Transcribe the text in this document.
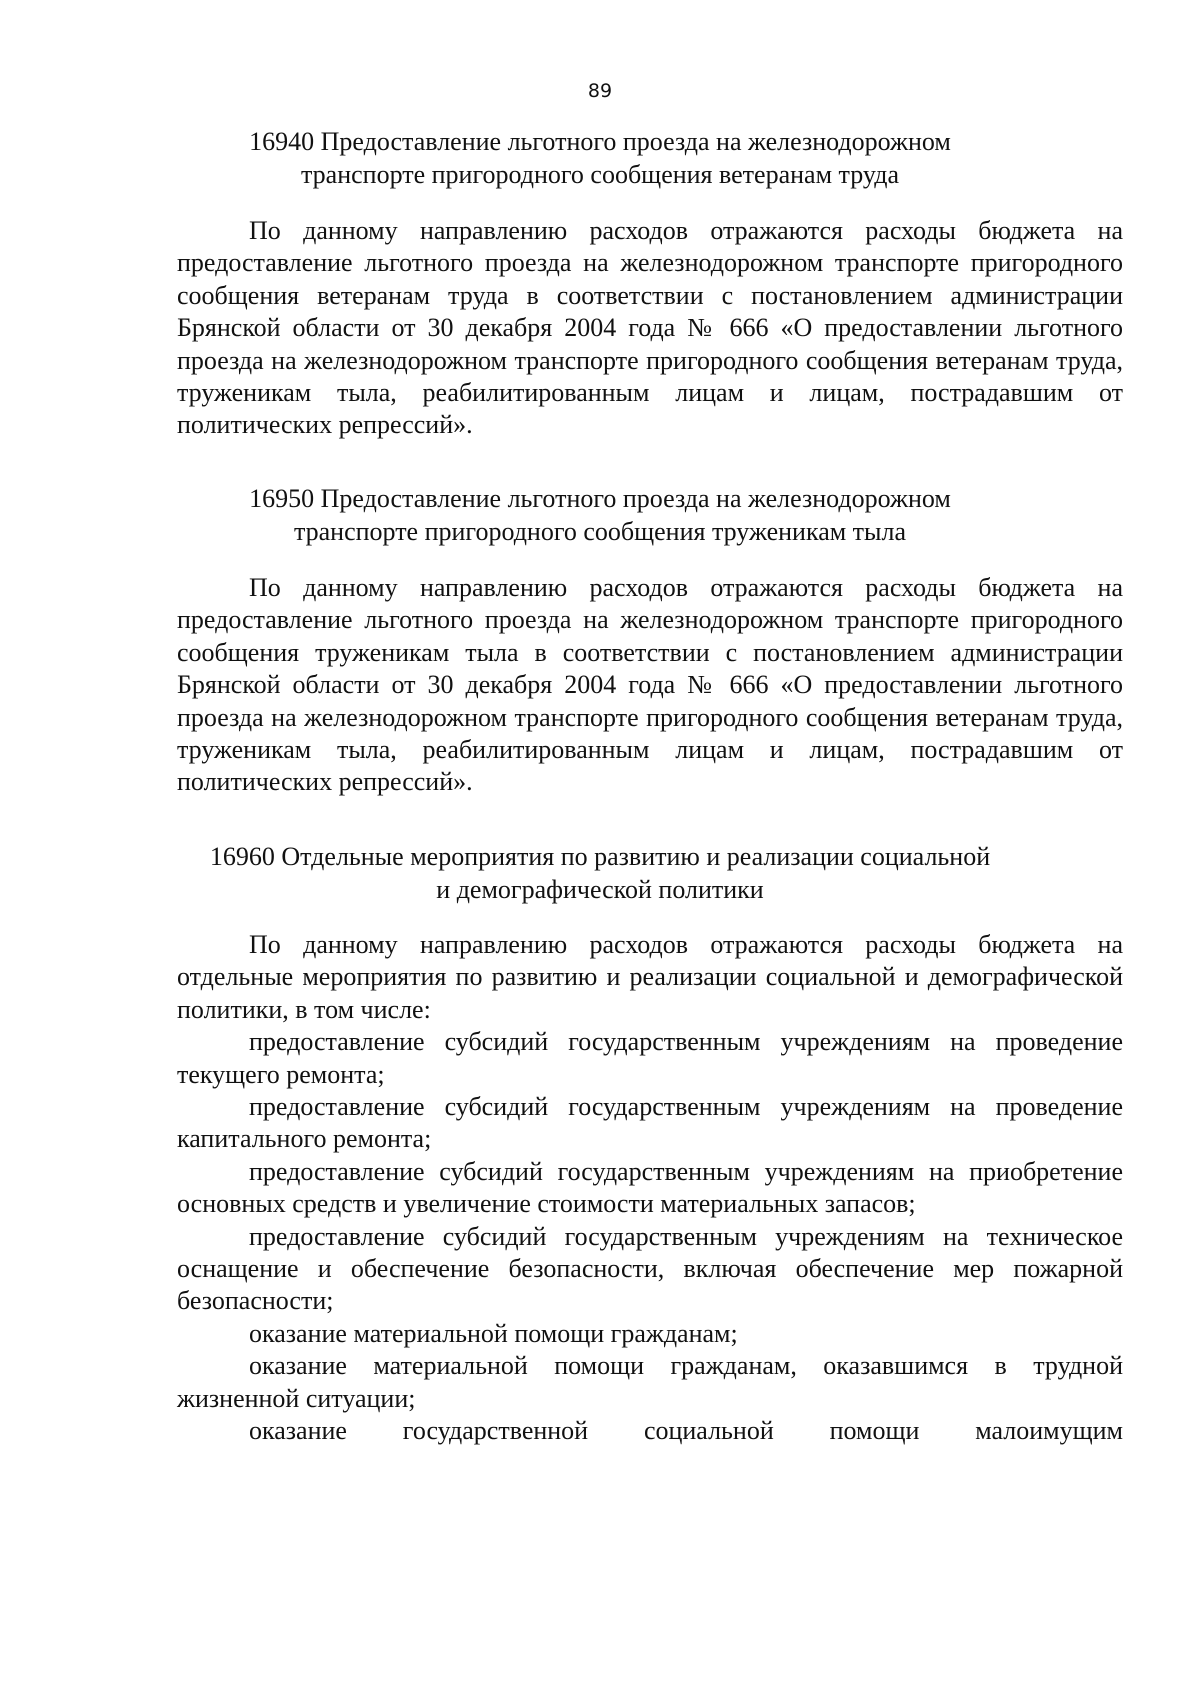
89
16940 Предоставление льготного проезда на железнодорожном
транспорте пригородного сообщения ветеранам труда
По данному направлению расходов отражаются расходы бюджета на предоставление льготного проезда на железнодорожном транспорте пригородного сообщения ветеранам труда в соответствии с постановлением администрации Брянской области от 30 декабря 2004 года № 666 «О предоставлении льготного проезда на железнодорожном транспорте пригородного сообщения ветеранам труда, труженикам тыла, реабилитированным лицам и лицам, пострадавшим от политических репрессий».
16950 Предоставление льготного проезда на железнодорожном
транспорте пригородного сообщения труженикам тыла
По данному направлению расходов отражаются расходы бюджета на предоставление льготного проезда на железнодорожном транспорте пригородного сообщения труженикам тыла в соответствии с постановлением администрации Брянской области от 30 декабря 2004 года № 666 «О предоставлении льготного проезда на железнодорожном транспорте пригородного сообщения ветеранам труда, труженикам тыла, реабилитированным лицам и лицам, пострадавшим от политических репрессий».
16960 Отдельные мероприятия по развитию и реализации социальной
и демографической политики
По данному направлению расходов отражаются расходы бюджета на отдельные мероприятия по развитию и реализации социальной и демографической политики, в том числе:
предоставление субсидий государственным учреждениям на проведение текущего ремонта;
предоставление субсидий государственным учреждениям на проведение капитального ремонта;
предоставление субсидий государственным учреждениям на приобретение основных средств и увеличение стоимости материальных запасов;
предоставление субсидий государственным учреждениям на техническое оснащение и обеспечение безопасности, включая обеспечение мер пожарной безопасности;
оказание материальной помощи гражданам;
оказание материальной помощи гражданам, оказавшимся в трудной жизненной ситуации;
оказание государственной социальной помощи малоимущим
